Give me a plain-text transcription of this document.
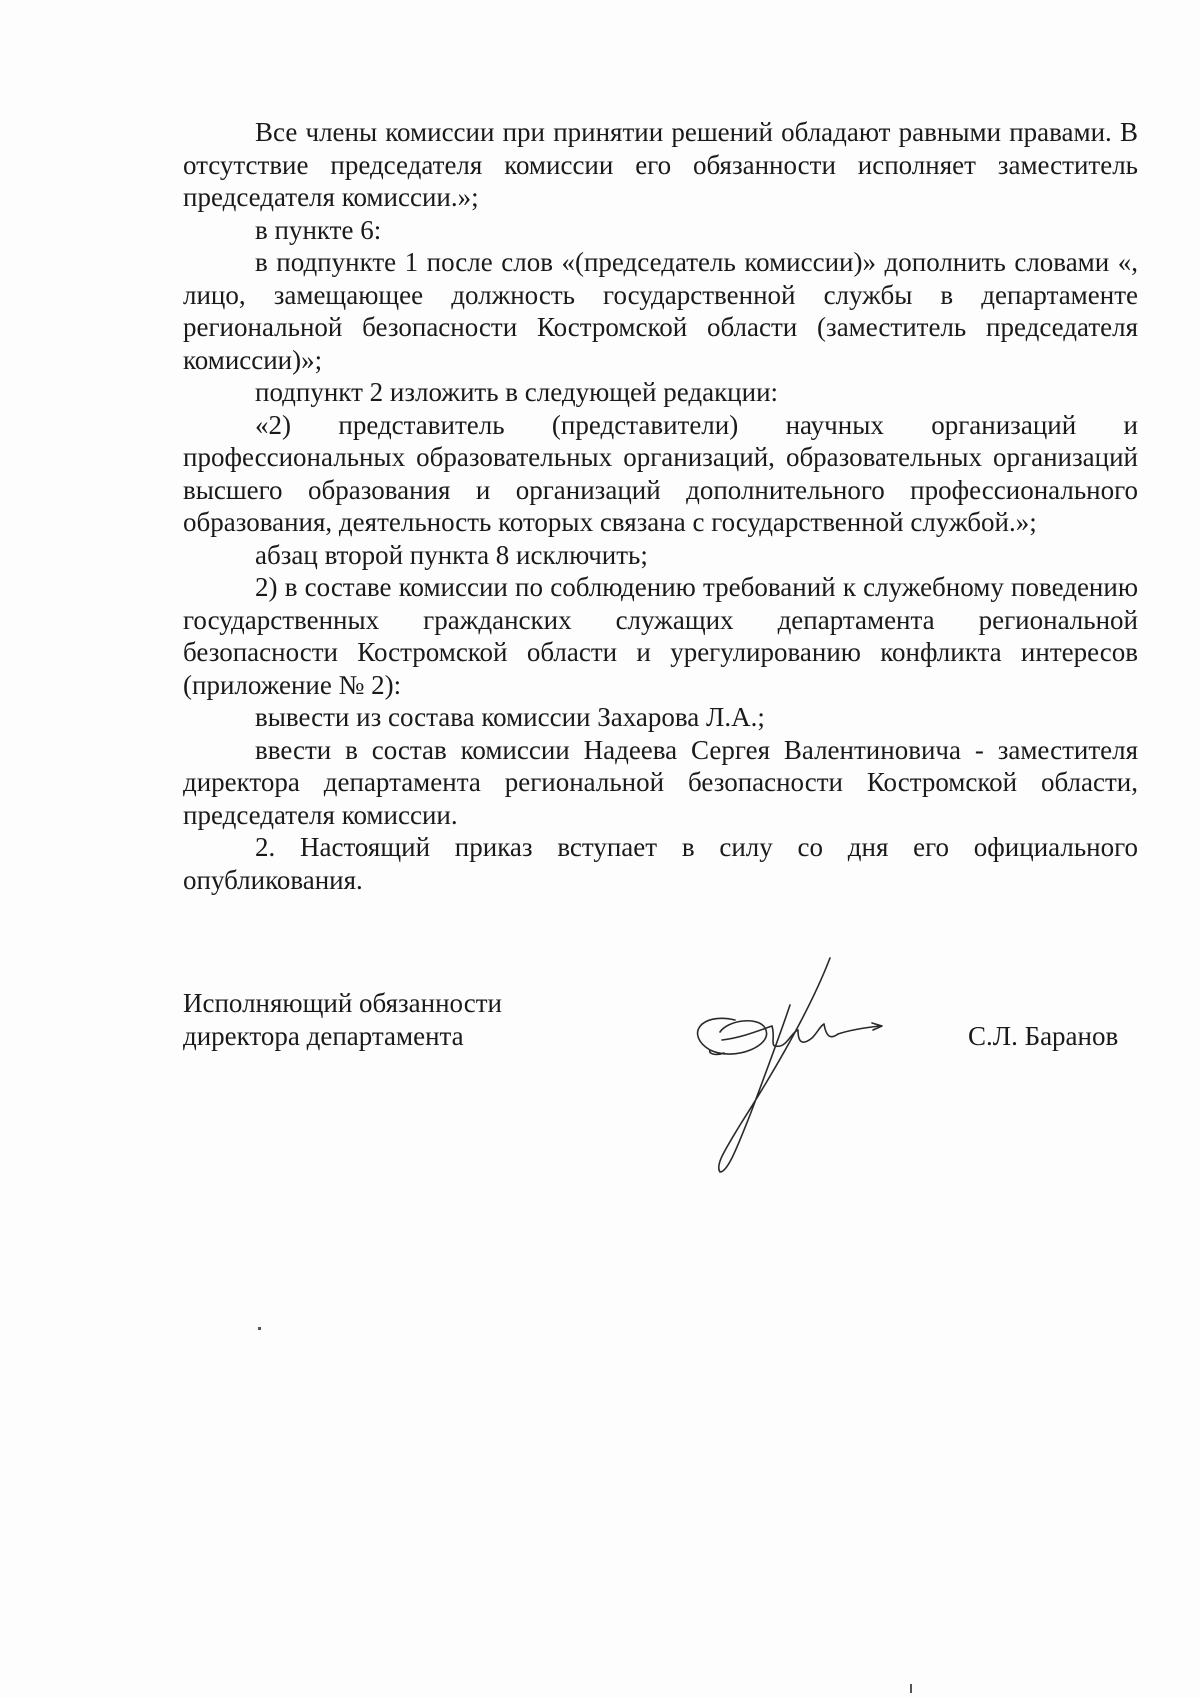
Все члены комиссии при принятии решений обладают равными правами. В отсутствие председателя комиссии его обязанности исполняет заместитель председателя комиссии.»;

в пункте 6:

в подпункте 1 после слов «(председатель комиссии)» дополнить словами «, лицо, замещающее должность государственной службы в департаменте региональной безопасности Костромской области (заместитель председателя комиссии)»;

подпункт 2 изложить в следующей редакции:

«2) представитель (представители) научных организаций и профессиональных образовательных организаций, образовательных организаций высшего образования и организаций дополнительного профессионального образования, деятельность которых связана с государственной службой.»;

абзац второй пункта 8 исключить;

2) в составе комиссии по соблюдению требований к служебному поведению государственных гражданских служащих департамента региональной безопасности Костромской области и урегулированию конфликта интересов (приложение № 2):

вывести из состава комиссии Захарова Л.А.;

ввести в состав комиссии Надеева Сергея Валентиновича - заместителя директора департамента региональной безопасности Костромской области, председателя комиссии.

2. Настоящий приказ вступает в силу со дня его официального опубликования.

Исполняющий обязанности
директора департамента	С.Л. Баранов
